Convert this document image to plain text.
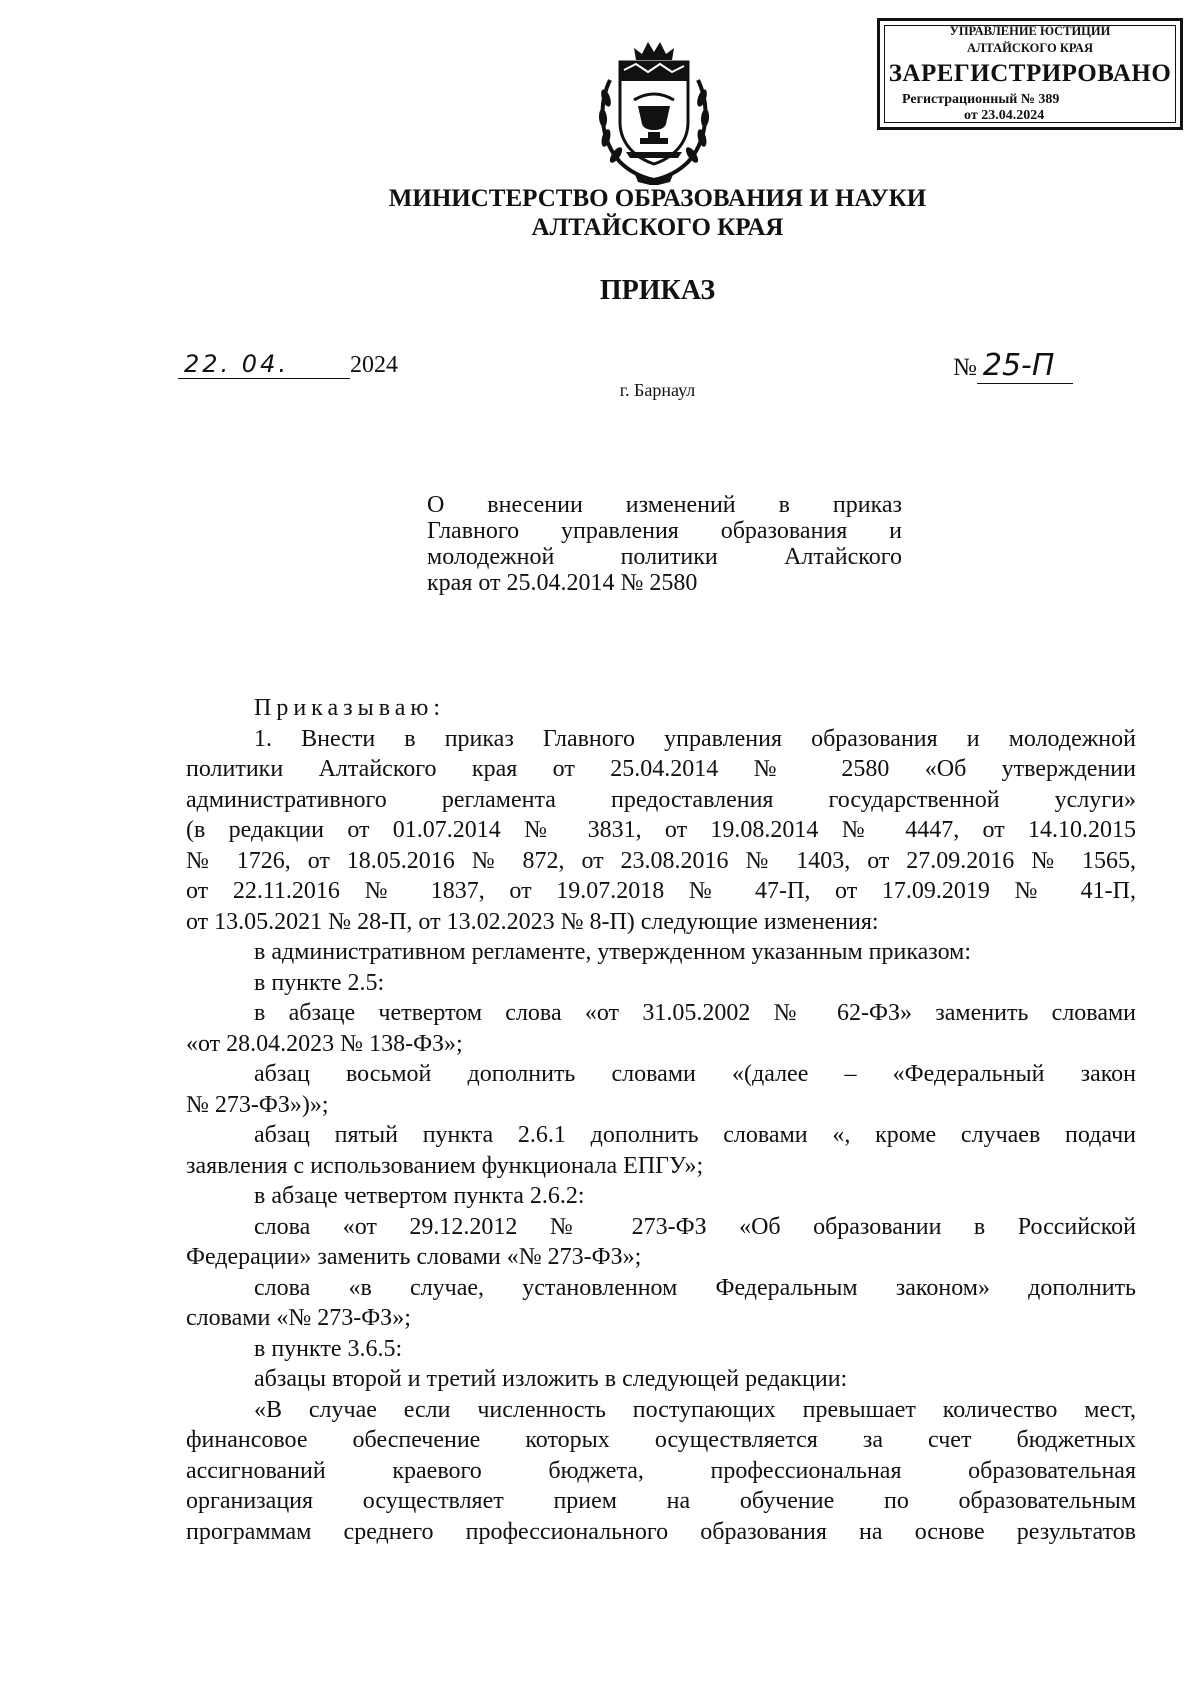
УПРАВЛЕНИЕ ЮСТИЦИИ
АЛТАЙСКОГО КРАЯ
ЗАРЕГИСТРИРОВАНО
Регистрационный № 389
от 23.04.2024
МИНИСТЕРСТВО ОБРАЗОВАНИЯ И НАУКИ
АЛТАЙСКОГО КРАЯ
ПРИКАЗ
22. 04.	2024	№ 25-П
г. Барнаул
О внесении изменений в приказ
Главного управления образования и
молодежной политики Алтайского
края от 25.04.2014 № 2580
Приказываю:
1. Внести в приказ Главного управления образования и молодежной
политики Алтайского края от 25.04.2014 № 2580 «Об утверждении
административного регламента предоставления государственной услуги»
(в редакции от 01.07.2014 № 3831, от 19.08.2014 № 4447, от 14.10.2015
№ 1726, от 18.05.2016 № 872, от 23.08.2016 № 1403, от 27.09.2016 № 1565,
от 22.11.2016 № 1837, от 19.07.2018 № 47-П, от 17.09.2019 № 41-П,
от 13.05.2021 № 28-П, от 13.02.2023 № 8-П) следующие изменения:
в административном регламенте, утвержденном указанным приказом:
в пункте 2.5:
в абзаце четвертом слова «от 31.05.2002 № 62-ФЗ» заменить словами
«от 28.04.2023 № 138-ФЗ»;
абзац восьмой дополнить словами «(далее – «Федеральный закон
№ 273-ФЗ»)»;
абзац пятый пункта 2.6.1 дополнить словами «, кроме случаев подачи
заявления с использованием функционала ЕПГУ»;
в абзаце четвертом пункта 2.6.2:
слова «от 29.12.2012 № 273-ФЗ «Об образовании в Российской
Федерации» заменить словами «№ 273-ФЗ»;
слова «в случае, установленном Федеральным законом» дополнить
словами «№ 273-ФЗ»;
в пункте 3.6.5:
абзацы второй и третий изложить в следующей редакции:
«В случае если численность поступающих превышает количество мест,
финансовое обеспечение которых осуществляется за счет бюджетных
ассигнований краевого бюджета, профессиональная образовательная
организация осуществляет прием на обучение по образовательным
программам среднего профессионального образования на основе результатов
